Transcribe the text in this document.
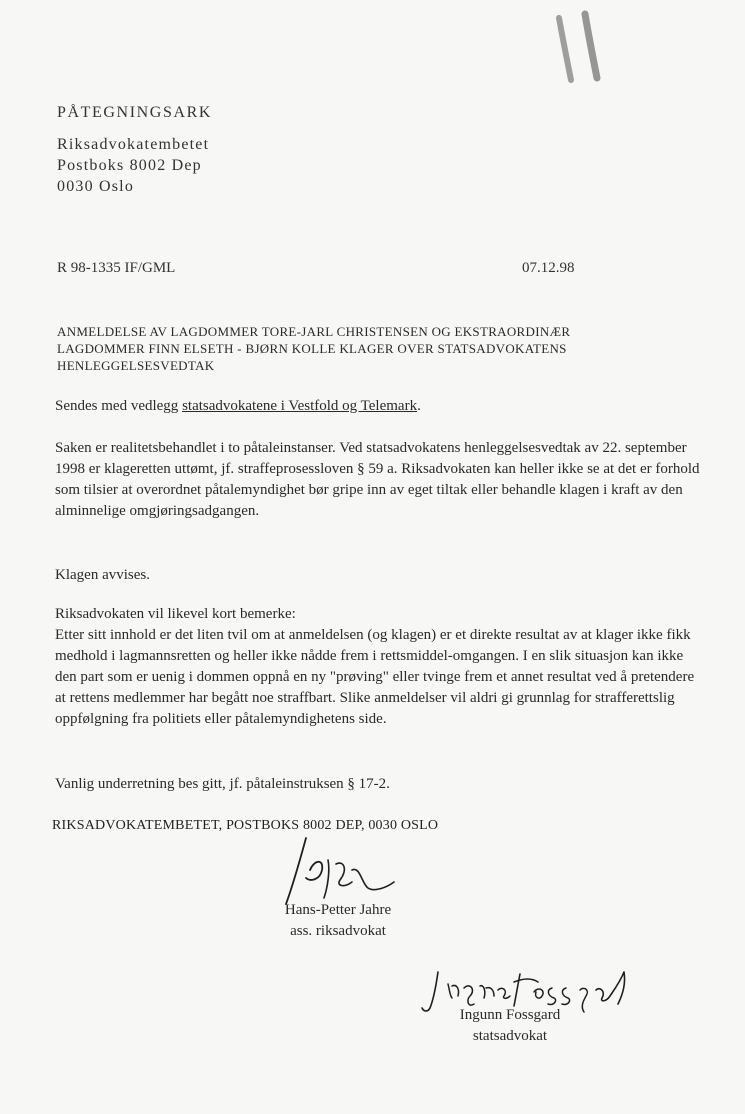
PÅTEGNINGSARK
Riksadvokatembetet
Postboks 8002 Dep
0030 Oslo
R 98-1335 IF/GML	07.12.98
ANMELDELSE AV LAGDOMMER TORE-JARL CHRISTENSEN OG EKSTRAORDINÆR
LAGDOMMER FINN ELSETH - BJØRN KOLLE KLAGER OVER STATSADVOKATENS
HENLEGGELSESVEDTAK
Sendes med vedlegg statsadvokatene i Vestfold og Telemark.
Saken er realitetsbehandlet i to påtaleinstanser. Ved statsadvokatens henleggelsesvedtak av 22. september 1998 er klageretten uttømt, jf. straffeprosessloven § 59 a. Riksadvokaten kan heller ikke se at det er forhold som tilsier at overordnet påtalemyndighet bør gripe inn av eget tiltak eller behandle klagen i kraft av den alminnelige omgjøringsadgangen.
Klagen avvises.
Riksadvokaten vil likevel kort bemerke:
Etter sitt innhold er det liten tvil om at anmeldelsen (og klagen) er et direkte resultat av at klager ikke fikk medhold i lagmannsretten og heller ikke nådde frem i rettsmiddel-omgangen. I en slik situasjon kan ikke den part som er uenig i dommen oppnå en ny "prøving" eller tvinge frem et annet resultat ved å pretendere at rettens medlemmer har begått noe straffbart. Slike anmeldelser vil aldri gi grunnlag for strafferettslig oppfølgning fra politiets eller påtalemyndighetens side.
Vanlig underretning bes gitt, jf. påtaleinstruksen § 17-2.
RIKSADVOKATEMBETET, POSTBOKS 8002 DEP, 0030 OSLO
Hans-Petter Jahre
ass. riksadvokat
Ingunn Fossgard
statsadvokat
